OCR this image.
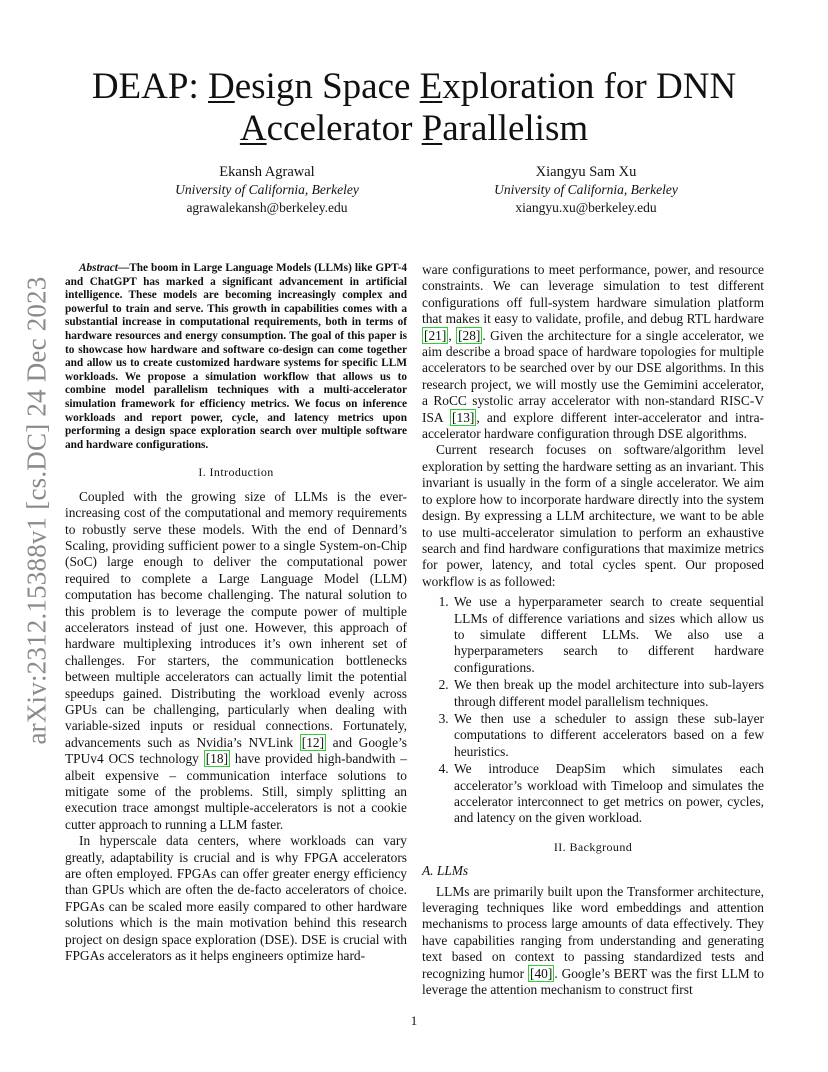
arXiv:2312.15388v1 [cs.DC] 24 Dec 2023
DEAP: Design Space Exploration for DNN
Accelerator Parallelism
Ekansh Agrawal
University of California, Berkeley
agrawalekansh@berkeley.edu
Xiangyu Sam Xu
University of California, Berkeley
xiangyu.xu@berkeley.edu

Abstract—The boom in Large Language Models (LLMs) like GPT-4 and ChatGPT has marked a significant advancement in artificial intelligence. These models are becoming increasingly complex and powerful to train and serve. This growth in capabilities comes with a substantial increase in computational requirements, both in terms of hardware resources and energy consumption. The goal of this paper is to showcase how hardware and software co-design can come together and allow us to create customized hardware systems for specific LLM workloads. We propose a simulation workflow that allows us to combine model parallelism techniques with a multi-accelerator simulation framework for efficiency metrics. We focus on inference workloads and report power, cycle, and latency metrics upon performing a design space exploration search over multiple software and hardware configurations.

I. Introduction

Coupled with the growing size of LLMs is the ever-increasing cost of the computational and memory requirements to robustly serve these models. With the end of Dennard’s Scaling, providing sufficient power to a single System-on-Chip (SoC) large enough to deliver the computational power required to complete a Large Language Model (LLM) computation has become challenging. The natural solution to this problem is to leverage the compute power of multiple accelerators instead of just one. However, this approach of hardware multiplexing introduces it’s own inherent set of challenges. For starters, the communication bottlenecks between multiple accelerators can actually limit the potential speedups gained. Distributing the workload evenly across GPUs can be challenging, particularly when dealing with variable-sized inputs or residual connections. Fortunately, advancements such as Nvidia’s NVLink [12] and Google’s TPUv4 OCS technology [18] have provided high-bandwith – albeit expensive – communication interface solutions to mitigate some of the problems. Still, simply splitting an execution trace amongst multiple-accelerators is not a cookie cutter approach to running a LLM faster.

In hyperscale data centers, where workloads can vary greatly, adaptability is crucial and is why FPGA accelerators are often employed. FPGAs can offer greater energy efficiency than GPUs which are often the de-facto accelerators of choice. FPGAs can be scaled more easily compared to other hardware solutions which is the main motivation behind this research project on design space exploration (DSE). DSE is crucial with FPGAs accelerators as it helps engineers optimize hard-

ware configurations to meet performance, power, and resource constraints. We can leverage simulation to test different configurations off full-system hardware simulation platform that makes it easy to validate, profile, and debug RTL hardware [21] , [28] . Given the architecture for a single accelerator, we aim describe a broad space of hardware topologies for multiple accelerators to be searched over by our DSE algorithms. In this research project, we will mostly use the Gemimini accelerator, a RoCC systolic array accelerator with non-standard RISC-V ISA [13] , and explore different inter-accelerator and intra-accelerator hardware configuration through DSE algorithms.

Current research focuses on software/algorithm level exploration by setting the hardware setting as an invariant. This invariant is usually in the form of a single accelerator. We aim to explore how to incorporate hardware directly into the system design. By expressing a LLM architecture, we want to be able to use multi-accelerator simulation to perform an exhaustive search and find hardware configurations that maximize metrics for power, latency, and total cycles spent. Our proposed workflow is as followed:

1. We use a hyperparameter search to create sequential LLMs of difference variations and sizes which allow us to simulate different LLMs. We also use a hyperparameters search to different hardware configurations.
2. We then break up the model architecture into sub-layers through different model parallelism techniques.
3. We then use a scheduler to assign these sub-layer computations to different accelerators based on a few heuristics.
4. We introduce DeapSim which simulates each accelerator’s workload with Timeloop and simulates the accelerator interconnect to get metrics on power, cycles, and latency on the given workload.
II. Background
A. LLMs

LLMs are primarily built upon the Transformer architecture, leveraging techniques like word embeddings and attention mechanisms to process large amounts of data effectively. They have capabilities ranging from understanding and generating text based on context to passing standardized tests and recognizing humor [40] . Google’s BERT was the first LLM to leverage the attention mechanism to construct first

1
